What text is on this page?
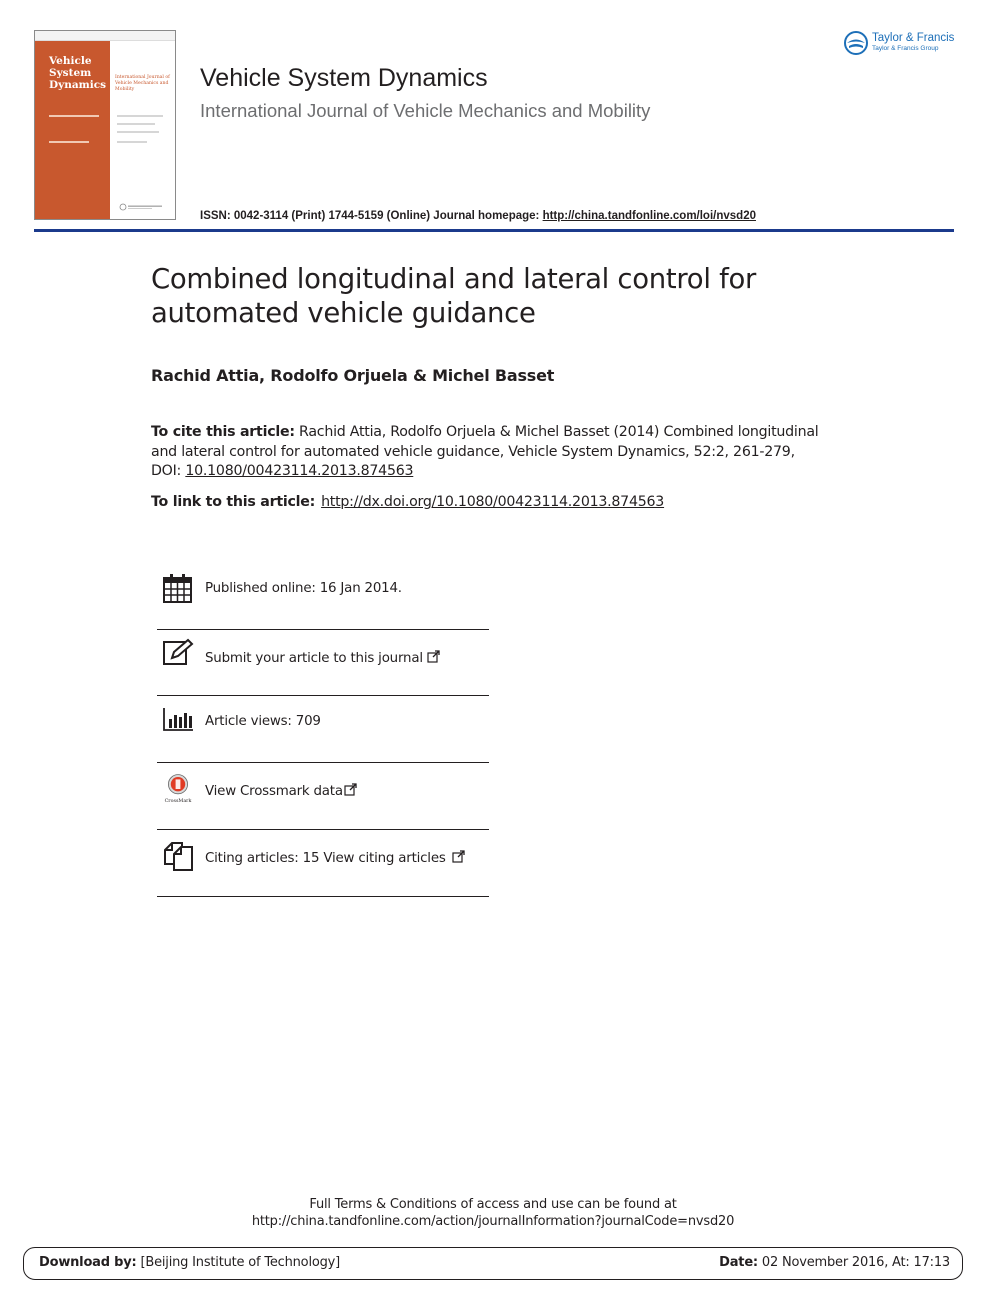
Vehicle
System
Dynamics
International Journal of Vehicle Mechanics and Mobility	Vehicle System Dynamics
International Journal of Vehicle Mechanics and Mobility
Taylor & Francis
Taylor & Francis Group
ISSN: 0042-3114 (Print) 1744-5159 (Online) Journal homepage: http://china.tandfonline.com/loi/nvsd20
Combined longitudinal and lateral control for
automated vehicle guidance
Rachid Attia, Rodolfo Orjuela & Michel Basset
To cite this article: Rachid Attia, Rodolfo Orjuela & Michel Basset (2014) Combined longitudinal
and lateral control for automated vehicle guidance, Vehicle System Dynamics, 52:2, 261-279,
DOI: 10.1080/00423114.2013.874563
To link to this article: http://dx.doi.org/10.1080/00423114.2013.874563
Published online: 16 Jan 2014.
Submit your article to this journal
Article views: 709
CrossMark
View Crossmark data
Citing articles: 15 View citing articles
Full Terms & Conditions of access and use can be found at
http://china.tandfonline.com/action/journalInformation?journalCode=nvsd20
Download by: [Beijing Institute of Technology]	Date: 02 November 2016, At: 17:13
